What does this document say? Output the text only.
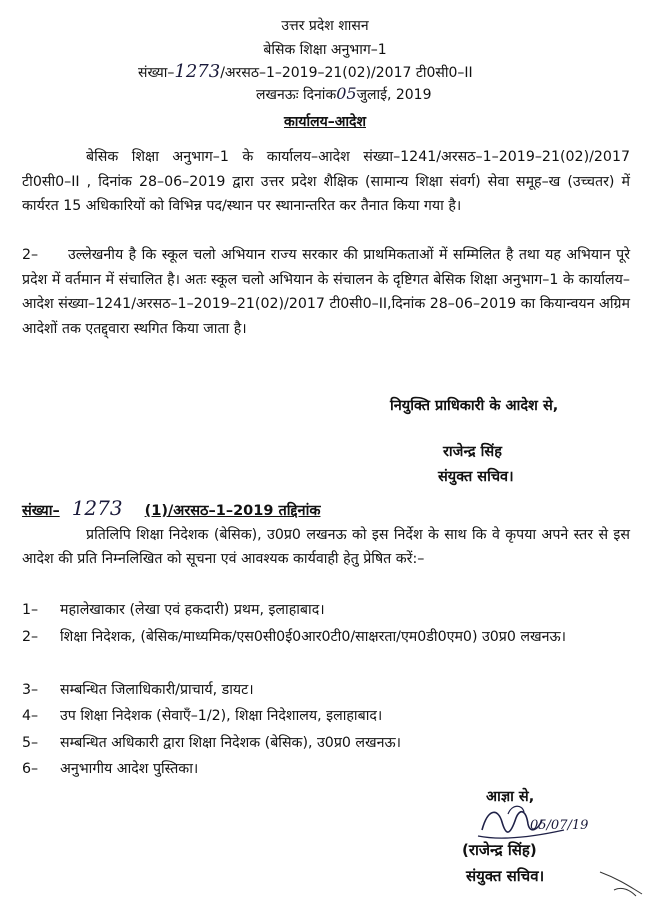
उत्तर प्रदेश शासन
बेसिक शिक्षा अनुभाग–1
संख्या–1273/अरसठ–1–2019–21(02)/2017 टी0सी0–II
लखनऊः दिनांक05जुलाई, 2019
कार्यालय–आदेश
बेसिक शिक्षा अनुभाग–1 के कार्यालय–आदेश संख्या–1241/अरसठ–1–2019–21(02)/2017 टी0सी0–II , दिनांक 28–06–2019 द्वारा उत्तर प्रदेश शैक्षिक (सामान्य शिक्षा संवर्ग) सेवा समूह–ख (उच्चतर) में कार्यरत 15 अधिकारियों को विभिन्न पद/स्थान पर स्थानान्तरित कर तैनात किया गया है।
2– उल्लेखनीय है कि स्कूल चलो अभियान राज्य सरकार की प्राथमिकताओं में सम्मिलित है तथा यह अभियान पूरे प्रदेश में वर्तमान में संचालित है। अतः स्कूल चलो अभियान के संचालन के दृष्टिगत बेसिक शिक्षा अनुभाग–1 के कार्यालय–आदेश संख्या–1241/अरसठ–1–2019–21(02)/2017 टी0सी0–II,दिनांक 28–06–2019 का कियान्वयन अग्रिम आदेशों तक एतद्द्वारा स्थगित किया जाता है।
नियुक्ति प्राधिकारी के आदेश से,
राजेन्द्र सिंह
संयुक्त सचिव।
संख्या– 1273 (1)/अरसठ–1–2019 तद्दिनांक
प्रतिलिपि शिक्षा निदेशक (बेसिक), उ0प्र0 लखनऊ को इस निर्देश के साथ कि वे कृपया अपने स्तर से इस आदेश की प्रति निम्नलिखित को सूचना एवं आवश्यक कार्यवाही हेतु प्रेषित करें:–
1– महालेखाकार (लेखा एवं हकदारी) प्रथम, इलाहाबाद।
2– शिक्षा निदेशक, (बेसिक/माध्यमिक/एस0सी0ई0आर0टी0/साक्षरता/एम0डी0एम0) उ0प्र0 लखनऊ।
3– सम्बन्धित जिलाधिकारी/प्राचार्य, डायट।
4– उप शिक्षा निदेशक (सेवाएँ–1/2), शिक्षा निदेशालय, इलाहाबाद।
5– सम्बन्धित अधिकारी द्वारा शिक्षा निदेशक (बेसिक), उ0प्र0 लखनऊ।
6– अनुभागीय आदेश पुस्तिका।
आज्ञा से,
05/07/19
(राजेन्द्र सिंह)
संयुक्त सचिव।
